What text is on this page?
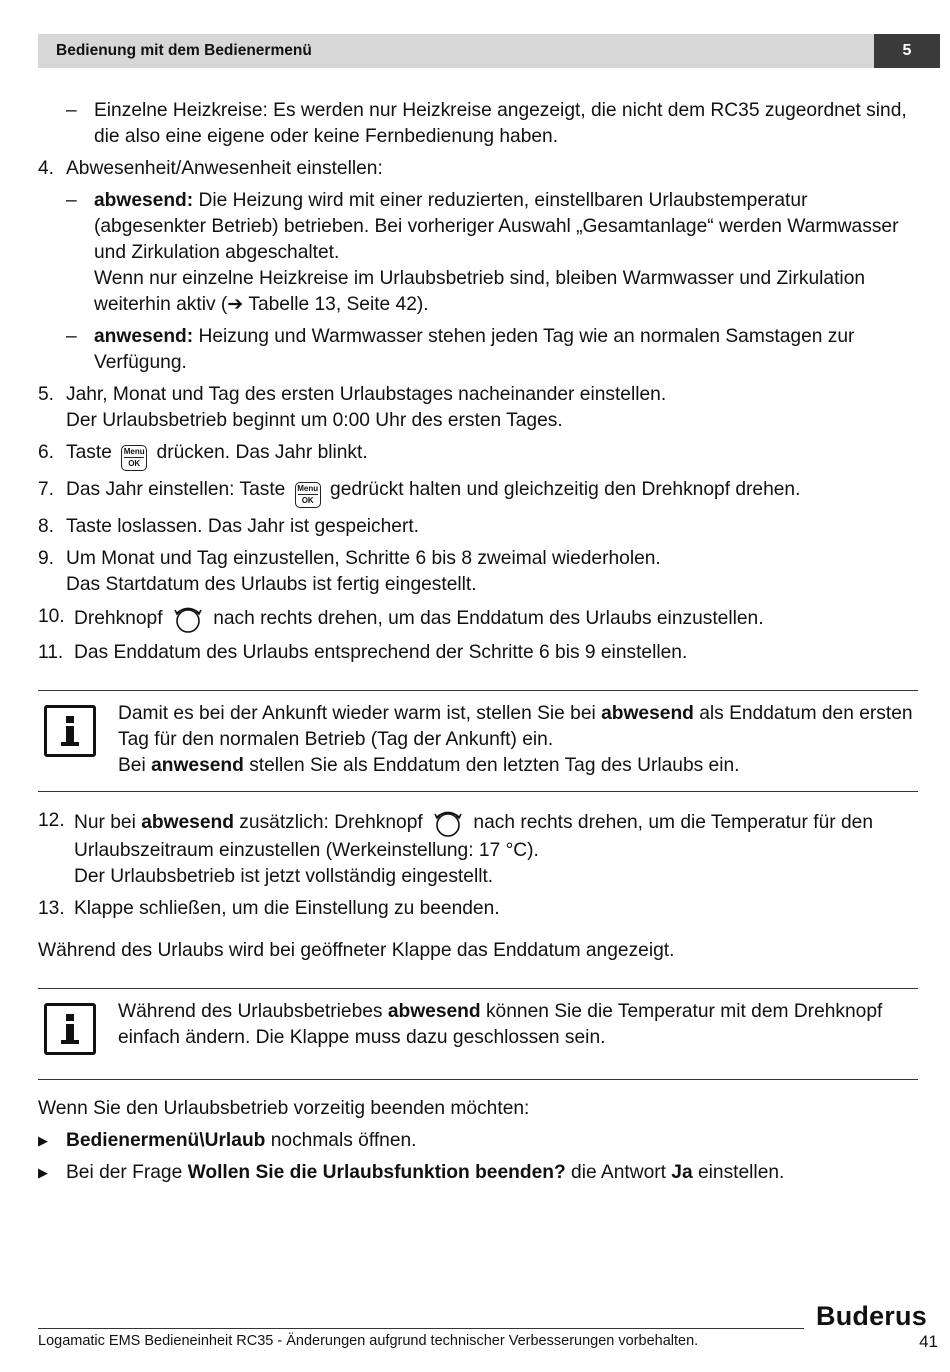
Bedienung mit dem Bedienermenü	5
– Einzelne Heizkreise: Es werden nur Heizkreise angezeigt, die nicht dem RC35 zugeordnet sind, die also eine eigene oder keine Fernbedienung haben.
4. Abwesenheit/Anwesenheit einstellen:
– abwesend: Die Heizung wird mit einer reduzierten, einstellbaren Urlaubstemperatur (abgesenkter Betrieb) betrieben. Bei vorheriger Auswahl „Gesamtanlage“ werden Warmwasser und Zirkulation abgeschaltet.
Wenn nur einzelne Heizkreise im Urlaubsbetrieb sind, bleiben Warmwasser und Zirkulation weiterhin aktiv (➔ Tabelle 13, Seite 42).
– anwesend: Heizung und Warmwasser stehen jeden Tag wie an normalen Samstagen zur Verfügung.
5. Jahr, Monat und Tag des ersten Urlaubstages nacheinander einstellen.
Der Urlaubsbetrieb beginnt um 0:00 Uhr des ersten Tages.
6. Taste Menu
OK drücken. Das Jahr blinkt.
7. Das Jahr einstellen: Taste Menu
OK gedrückt halten und gleichzeitig den Drehknopf drehen.
8. Taste loslassen. Das Jahr ist gespeichert.
9. Um Monat und Tag einzustellen, Schritte 6 bis 8 zweimal wiederholen.
Das Startdatum des Urlaubs ist fertig eingestellt.
10. Drehknopf  nach rechts drehen, um das Enddatum des Urlaubs einzustellen.
11. Das Enddatum des Urlaubs entsprechend der Schritte 6 bis 9 einstellen.
Damit es bei der Ankunft wieder warm ist, stellen Sie bei abwesend als Enddatum den ersten Tag für den normalen Betrieb (Tag der Ankunft) ein.
Bei anwesend stellen Sie als Enddatum den letzten Tag des Urlaubs ein.
12. Nur bei abwesend zusätzlich: Drehknopf  nach rechts drehen, um die Temperatur für den Urlaubszeitraum einzustellen (Werkeinstellung: 17 °C).
Der Urlaubsbetrieb ist jetzt vollständig eingestellt.
13. Klappe schließen, um die Einstellung zu beenden.
Während des Urlaubs wird bei geöffneter Klappe das Enddatum angezeigt.
Während des Urlaubsbetriebes abwesend können Sie die Temperatur mit dem Drehknopf einfach ändern. Die Klappe muss dazu geschlossen sein.
Wenn Sie den Urlaubsbetrieb vorzeitig beenden möchten:
▶ Bedienermenü\Urlaub nochmals öffnen.
▶ Bei der Frage Wollen Sie die Urlaubsfunktion beenden? die Antwort Ja einstellen.
Buderus
Logamatic EMS Bedieneinheit RC35 - Änderungen aufgrund technischer Verbesserungen vorbehalten.	41
